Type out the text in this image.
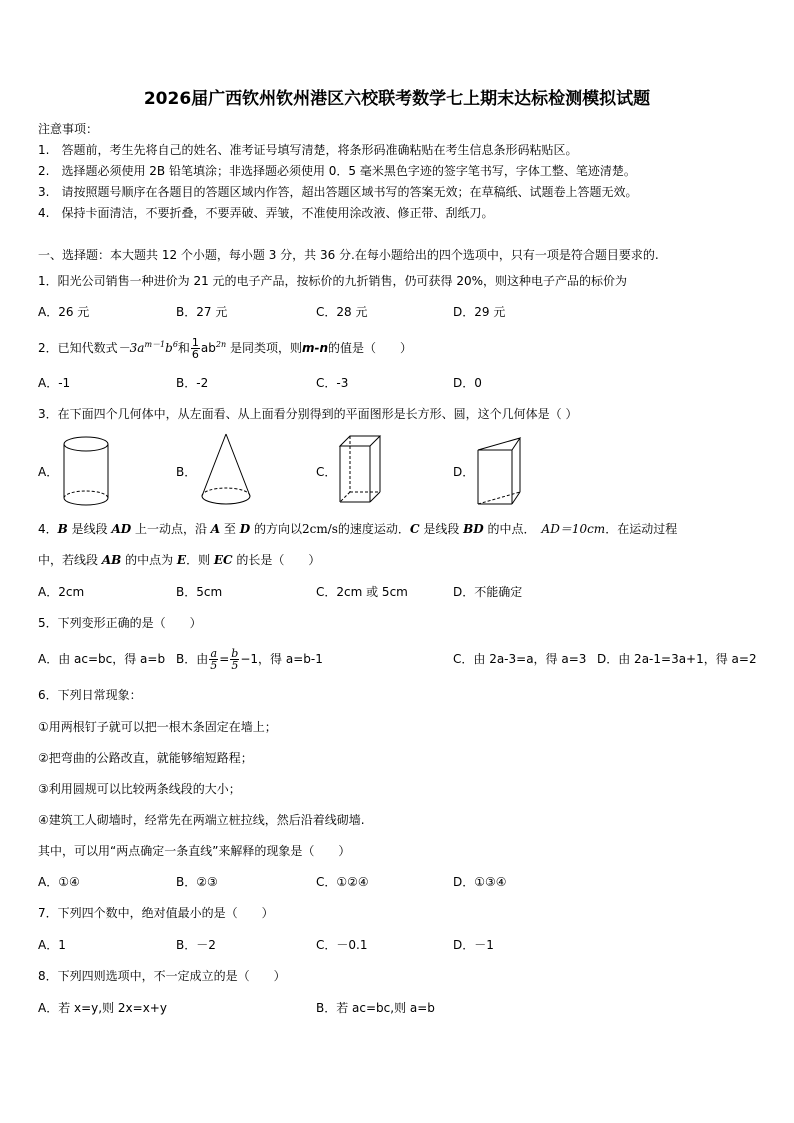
2026届广西钦州钦州港区六校联考数学七上期末达标检测模拟试题
注意事项：
1.　答题前，考生先将自己的姓名、准考证号填写清楚，将条形码准确粘贴在考生信息条形码粘贴区。
2.　选择题必须使用 2B 铅笔填涂；非选择题必须使用 0．5 毫米黑色字迹的签字笔书写，字体工整、笔迹清楚。
3.　请按照题号顺序在各题目的答题区域内作答，超出答题区域书写的答案无效；在草稿纸、试题卷上答题无效。
4.　保持卡面清洁，不要折叠，不要弄破、弄皱，不准使用涂改液、修正带、刮纸刀。
一、选择题：本大题共 12 个小题，每小题 3 分，共 36 分.在每小题给出的四个选项中，只有一项是符合题目要求的.
1．阳光公司销售一种进价为 21 元的电子产品，按标价的九折销售，仍可获得 20%，则这种电子产品的标价为
A．26 元	B．27 元	C．28 元	D．29 元
2．已知代数式$-3a^{m-1}b^6$和 $\frac{1}{6} ab^{2n}$ 是同类项，则m-n的值是（　　）
A．-1	B．-2	C．-3	D．0
3．在下面四个几何体中，从左面看、从上面看分别得到的平面图形是长方形、圆，这个几何体是（ ）
A．	B．	C．	D．
4．B 是线段 AD 上一动点，沿 A 至 D 的方向以2cm/s的速度运动．C 是线段 BD 的中点． AD＝10cm．在运动过程
中，若线段 AB 的中点为 E．则 EC 的长是（　　）
A．2cm	B．5cm	C．2cm 或 5cm	D．不能确定
5．下列变形正确的是（　　）
A．由 ac=bc，得 a=b B．由 $\frac{a}{5} = \frac{b}{5} -1$，得 a=b-1	C．由 2a-3=a，得 a=3 D．由 2a-1=3a+1，得 a=2
6．下列日常现象：
①用两根钉子就可以把一根木条固定在墙上；
②把弯曲的公路改直，就能够缩短路程；
③利用圆规可以比较两条线段的大小；
④建筑工人砌墙时，经常先在两端立桩拉线，然后沿着线砌墙.
其中，可以用“两点确定一条直线”来解释的现象是（　　）
A．①④	B．②③	C．①②④	D．①③④
7．下列四个数中，绝对值最小的是（　　）
A．1	B．－2	C．－0.1	D．－1
8．下列四则选项中，不一定成立的是（　　）
A．若 x=y,则 2x=x+y	B．若 ac=bc,则 a=b
